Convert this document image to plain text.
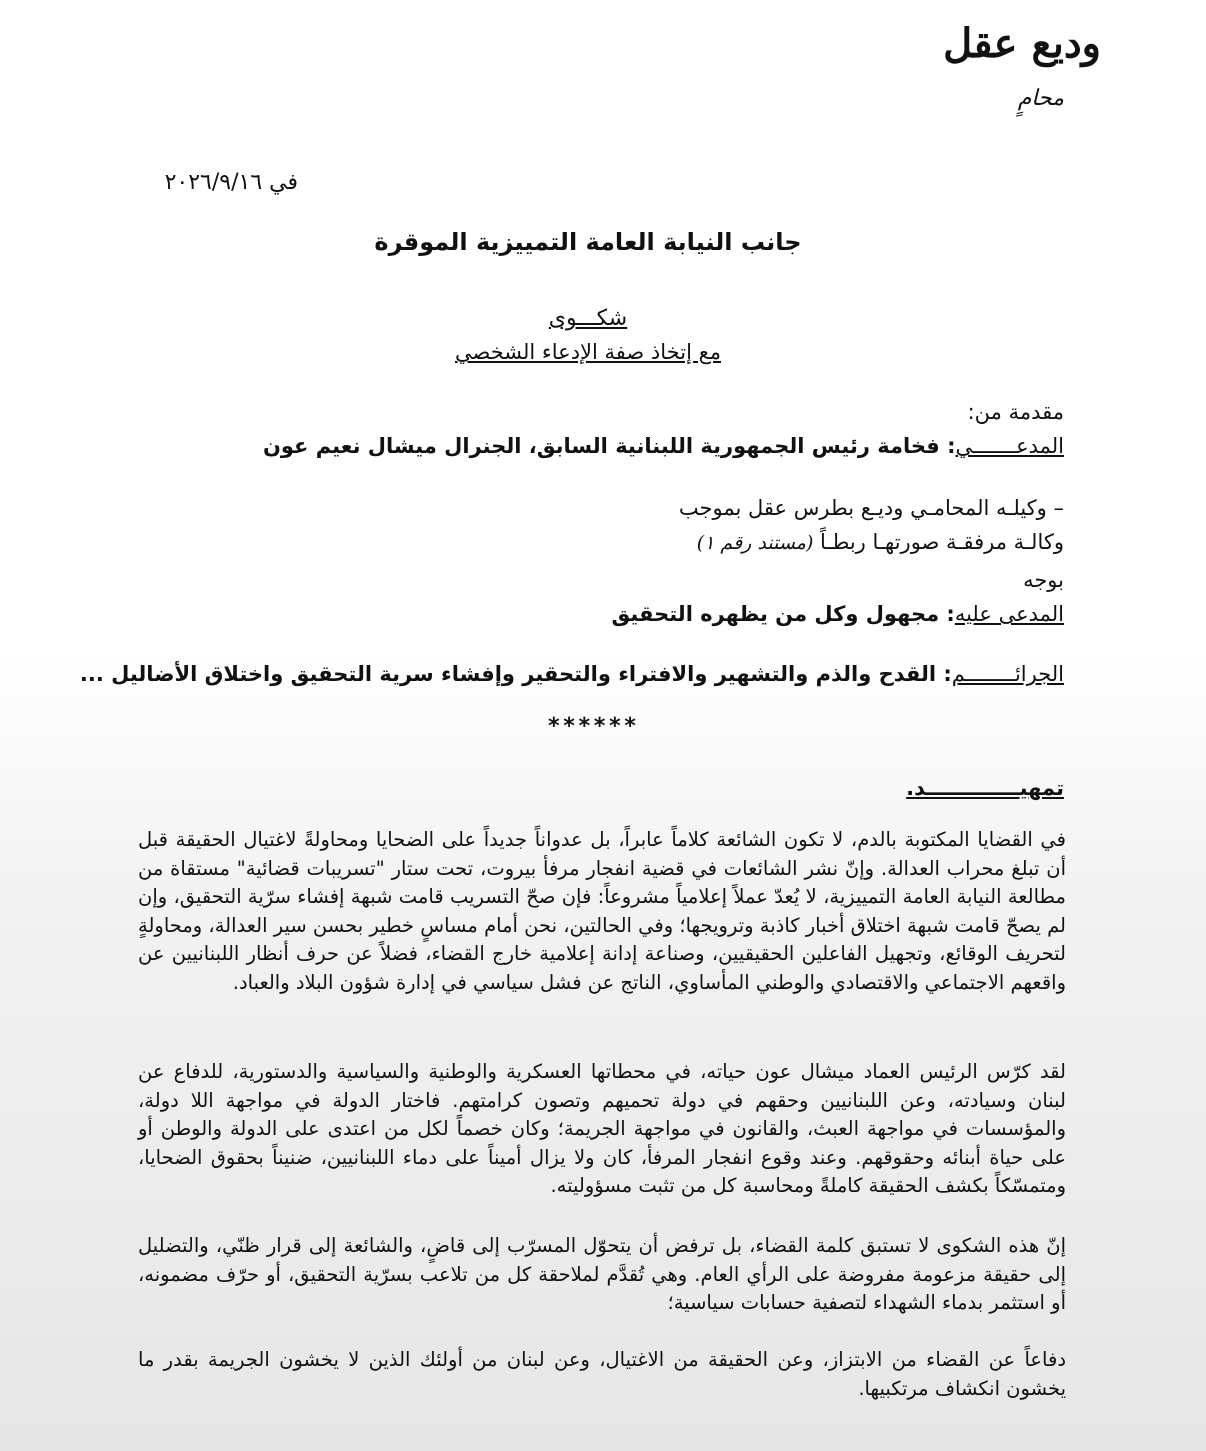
وديع عقل
محامٍ
في ٢٠٢٦/٩/١٦
جانب النيابة العامة التمييزية الموقرة
شكـــوى
مع إتخاذ صفة الإدعاء الشخصي
مقدمة من:
المدعـــــــي: فخامة رئيس الجمهورية اللبنانية السابق، الجنرال ميشال نعيم عون
– وكيلـه المحامـي وديـع بطرس عقل بموجب
وكالـة مرفقـة صورتهـا ربطـاً (مستند رقم ١)
بوجه
المدعى عليه: مجهول وكل من يظهره التحقيق
الجرائــــــــم: القدح والذم والتشهير والافتراء والتحقير وإفشاء سرية التحقيق واختلاق الأضاليل ...
******
تمهيـــــــــــــد.
في القضايا المكتوبة بالدم، لا تكون الشائعة كلاماً عابراً، بل عدواناً جديداً على الضحايا ومحاولةً لاغتيال الحقيقة قبل أن تبلغ محراب العدالة. وإنّ نشر الشائعات في قضية انفجار مرفأ بيروت، تحت ستار "تسريبات قضائية" مستقاة من مطالعة النيابة العامة التمييزية، لا يُعدّ عملاً إعلامياً مشروعاً: فإن صحّ التسريب قامت شبهة إفشاء سرّية التحقيق، وإن لم يصحّ قامت شبهة اختلاق أخبار كاذبة وترويجها؛ وفي الحالتين، نحن أمام مساسٍ خطير بحسن سير العدالة، ومحاولةٍ لتحريف الوقائع، وتجهيل الفاعلين الحقيقيين، وصناعة إدانة إعلامية خارج القضاء، فضلاً عن حرف أنظار اللبنانيين عن واقعهم الاجتماعي والاقتصادي والوطني المأساوي، الناتج عن فشل سياسي في إدارة شؤون البلاد والعباد.
لقد كرّس الرئيس العماد ميشال عون حياته، في محطاتها العسكرية والوطنية والسياسية والدستورية، للدفاع عن لبنان وسيادته، وعن اللبنانيين وحقهم في دولة تحميهم وتصون كرامتهم. فاختار الدولة في مواجهة اللا دولة، والمؤسسات في مواجهة العبث، والقانون في مواجهة الجريمة؛ وكان خصماً لكل من اعتدى على الدولة والوطن أو على حياة أبنائه وحقوقهم. وعند وقوع انفجار المرفأ، كان ولا يزال أميناً على دماء اللبنانيين، ضنيناً بحقوق الضحايا، ومتمسّكاً بكشف الحقيقة كاملةً ومحاسبة كل من تثبت مسؤوليته.
إنّ هذه الشكوى لا تستبق كلمة القضاء، بل ترفض أن يتحوّل المسرّب إلى قاضٍ، والشائعة إلى قرار ظنّي، والتضليل إلى حقيقة مزعومة مفروضة على الرأي العام. وهي تُقدَّم لملاحقة كل من تلاعب بسرّية التحقيق، أو حرّف مضمونه، أو استثمر بدماء الشهداء لتصفية حسابات سياسية؛
دفاعاً عن القضاء من الابتزاز، وعن الحقيقة من الاغتيال، وعن لبنان من أولئك الذين لا يخشون الجريمة بقدر ما يخشون انكشاف مرتكبيها.
